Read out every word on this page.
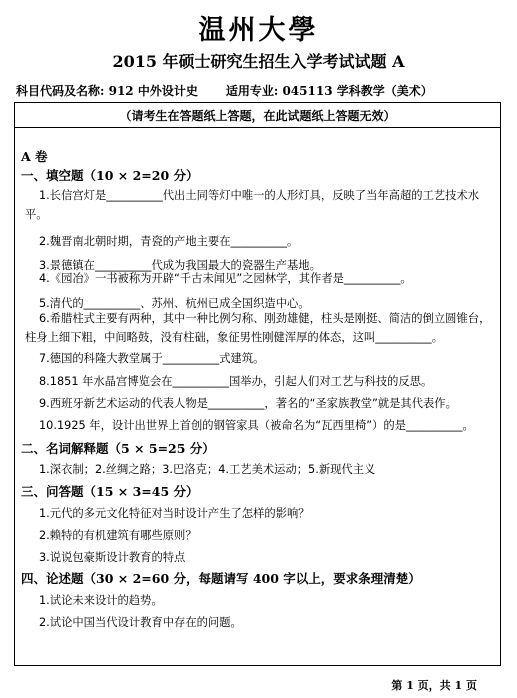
温州大學
2015 年硕士研究生招生入学考试试题 A
科目代码及名称: 912 中外设计史 适用专业: 045113 学科教学（美术）
（请考生在答题纸上答题，在此试题纸上答题无效）
A 卷
一、填空题（10 × 2=20 分）
1.长信宫灯是__________代出土同等灯中唯一的人形灯具，反映了当年高超的工艺技术水平。
2.魏晋南北朝时期，青瓷的产地主要在__________。
3.景德镇在__________代成为我国最大的瓷器生产基地。
4.《园冶》一书被称为开辟“千古未闻见”之园林学，其作者是__________。
5.清代的__________、苏州、杭州已成全国织造中心。
6.希腊柱式主要有两种，其中一种比例匀称、刚劲雄健，柱头是刚挺、简洁的倒立圆锥台，柱身上细下粗，中间略鼓，没有柱础，象征男性刚健浑厚的体态，这叫__________。
7.德国的科隆大教堂属于__________式建筑。
8.1851 年水晶宫博览会在__________国举办，引起人们对工艺与科技的反思。
9.西班牙新艺术运动的代表人物是__________，著名的“圣家族教堂”就是其代表作。
10.1925 年，设计出世界上首创的钢管家具（被命名为“瓦西里椅”）的是__________。
二、名词解释题（5 × 5=25 分）
1.深衣制；2.丝绸之路；3.巴洛克；4.工艺美术运动；5.新现代主义
三、问答题（15 × 3=45 分）
1.元代的多元文化特征对当时设计产生了怎样的影响？
2.赖特的有机建筑有哪些原则？
3.说说包豪斯设计教育的特点
四、论述题（30 × 2=60 分，每题请写 400 字以上，要求条理清楚）
1.试论未来设计的趋势。
2.试论中国当代设计教育中存在的问题。
第 1 页，共 1 页
